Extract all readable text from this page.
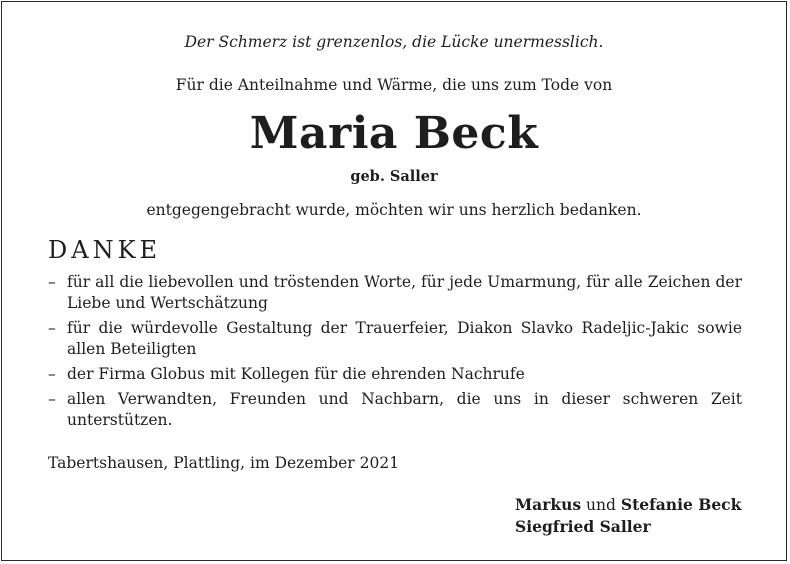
Der Schmerz ist grenzenlos, die Lücke unermesslich.
Für die Anteilnahme und Wärme, die uns zum Tode von
Maria Beck
geb. Saller
entgegengebracht wurde, möchten wir uns herzlich bedanken.
DANKE
– für all die liebevollen und tröstenden Worte, für jede Umarmung, für alle Zeichen der Liebe und Wertschätzung
– für die würdevolle Gestaltung der Trauerfeier, Diakon Slavko Radeljic-Jakic sowie allen Beteiligten
– der Firma Globus mit Kollegen für die ehrenden Nachrufe
– allen Verwandten, Freunden und Nachbarn, die uns in dieser schweren Zeit unterstützen.
Tabertshausen, Plattling, im Dezember 2021
Markus und Stefanie Beck
Siegfried Saller
